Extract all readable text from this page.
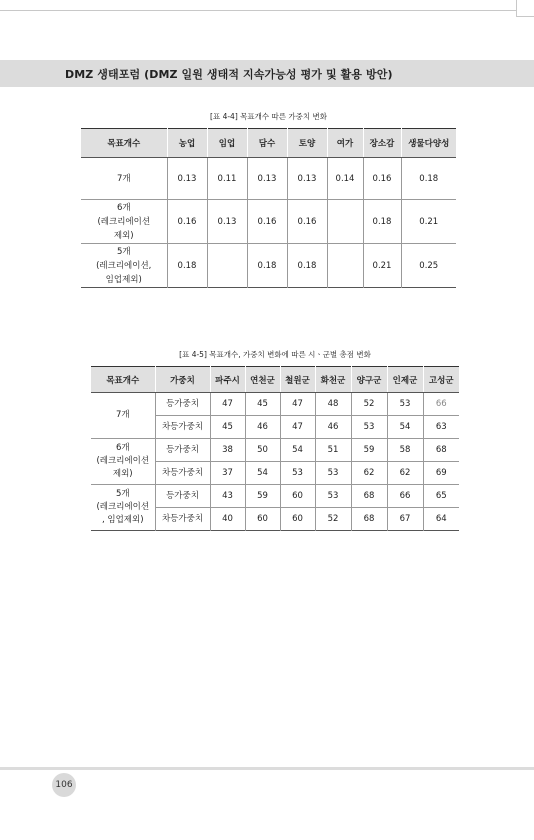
DMZ 생태포럼 (DMZ 일원 생태적 지속가능성 평가 및 활용 방안)
[표 4-4] 목표개수 따른 가중치 변화
목표개수	농업	임업	담수	토양	여가	장소감	생물다양성
7개	0.13	0.11	0.13	0.13	0.14	0.16	0.18
6개
(레크리에이션
제외)	0.16	0.13	0.16	0.16		0.18	0.21
5개
(레크리에이션,
임업제외)	0.18		0.18	0.18		0.21	0.25
[표 4-5] 목표개수, 가중치 변화에 따른 시ㆍ군별 총점 변화
목표개수	가중치	파주시	연천군	철원군	화천군	양구군	인제군	고성군
7개	등가중치	47	45	47	48	52	53	66
	차등가중치	45	46	47	46	53	54	63
6개
(레크리에이션
제외)	등가중치	38	50	54	51	59	58	68
	차등가중치	37	54	53	53	62	62	69
5개
(레크리에이션
, 임업제외)	등가중치	43	59	60	53	68	66	65
	차등가중치	40	60	60	52	68	67	64
106
